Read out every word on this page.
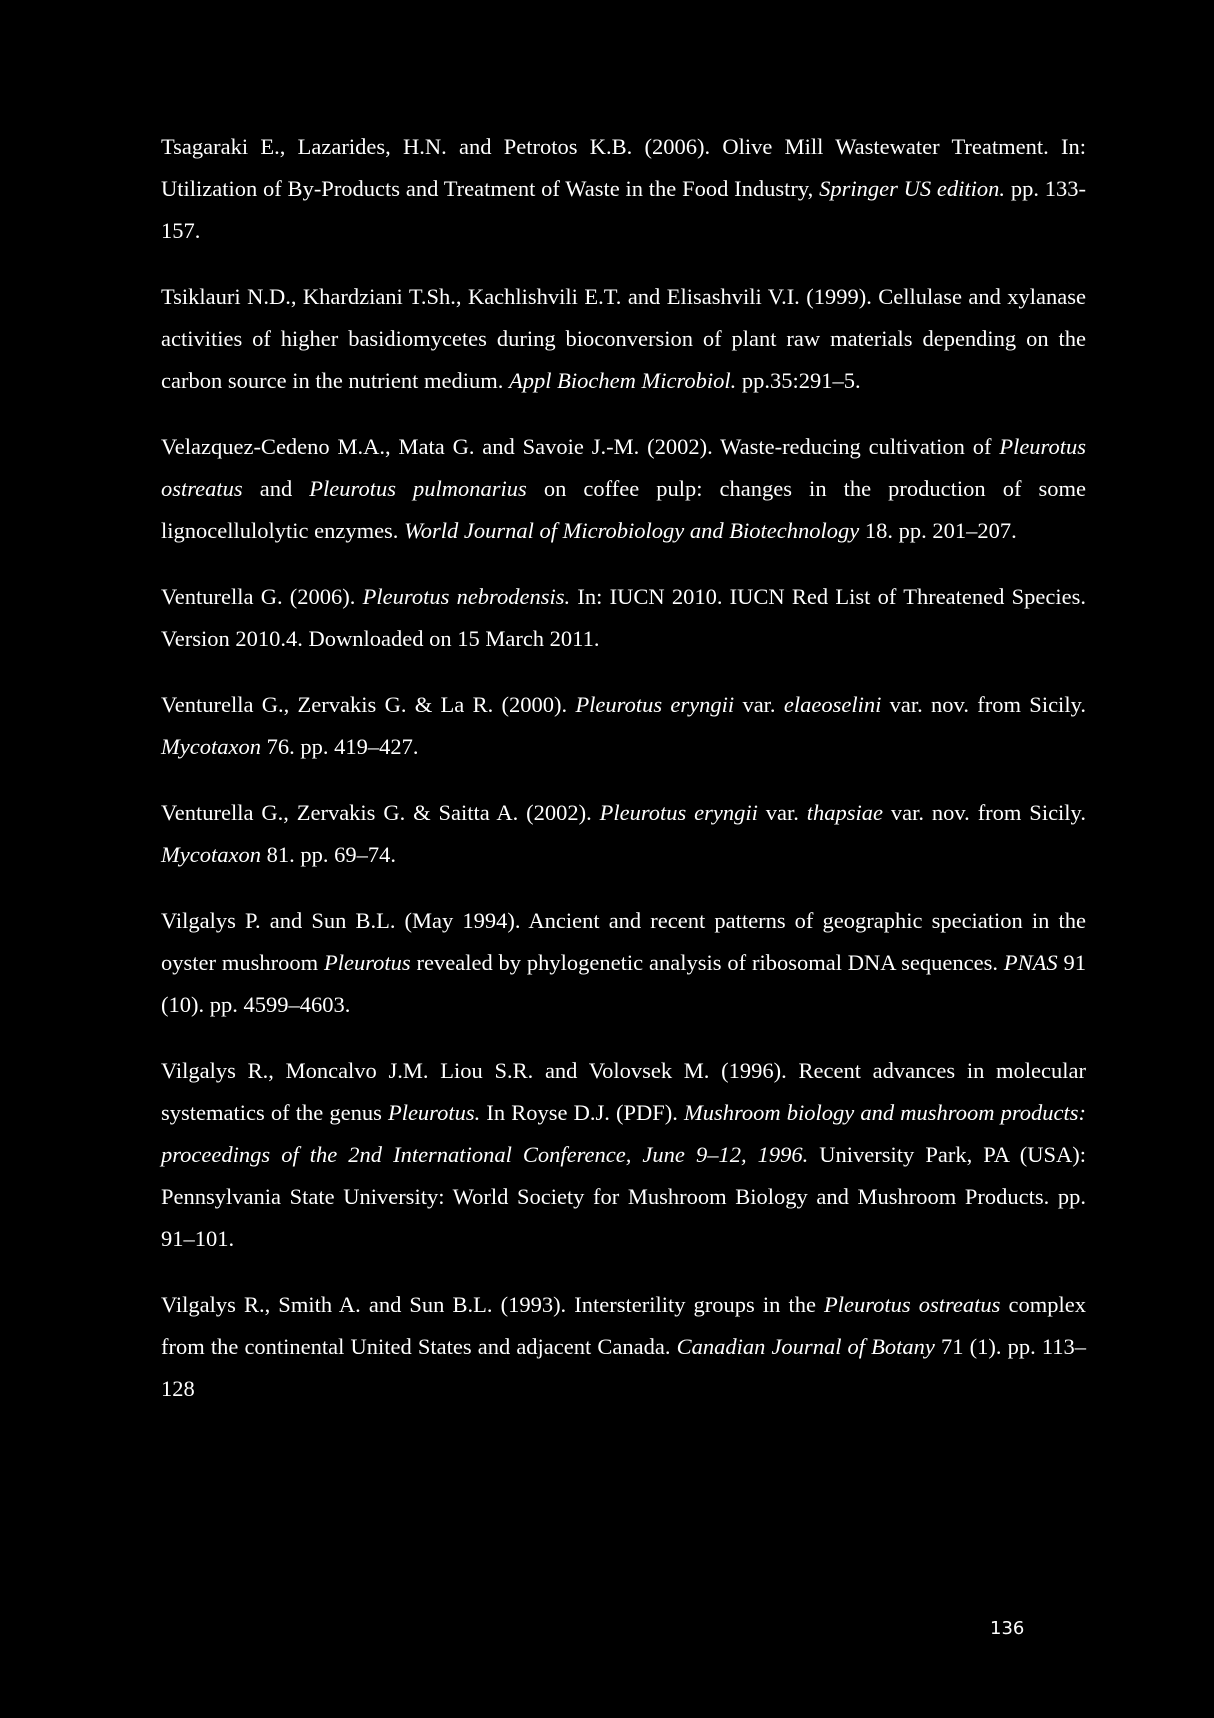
Tsagaraki E., Lazarides, H.N. and Petrotos K.B. (2006). Olive Mill Wastewater Treatment. In: Utilization of By-Products and Treatment of Waste in the Food Industry, Springer US edition. pp. 133-157.

Tsiklauri N.D., Khardziani T.Sh., Kachlishvili E.T. and Elisashvili V.I. (1999). Cellulase and xylanase activities of higher basidiomycetes during bioconversion of plant raw materials depending on the carbon source in the nutrient medium. Appl Biochem Microbiol. pp.35:291–5.

Velazquez-Cedeno M.A., Mata G. and Savoie J.-M. (2002). Waste-reducing cultivation of Pleurotus ostreatus and Pleurotus pulmonarius on coffee pulp: changes in the production of some lignocellulolytic enzymes. World Journal of Microbiology and Biotechnology 18. pp. 201–207.

Venturella G. (2006). Pleurotus nebrodensis. In: IUCN 2010. IUCN Red List of Threatened Species. Version 2010.4. Downloaded on 15 March 2011.

Venturella G., Zervakis G. & La R. (2000). Pleurotus eryngii var. elaeoselini var. nov. from Sicily. Mycotaxon 76. pp. 419–427.

Venturella G., Zervakis G. & Saitta A. (2002). Pleurotus eryngii var. thapsiae var. nov. from Sicily. Mycotaxon 81. pp. 69–74.

Vilgalys P. and Sun B.L. (May 1994). Ancient and recent patterns of geographic speciation in the oyster mushroom Pleurotus revealed by phylogenetic analysis of ribosomal DNA sequences. PNAS 91 (10). pp. 4599–4603.

Vilgalys R., Moncalvo J.M. Liou S.R. and Volovsek M. (1996). Recent advances in molecular systematics of the genus Pleurotus. In Royse D.J. (PDF). Mushroom biology and mushroom products: proceedings of the 2nd International Conference, June 9–12, 1996. University Park, PA (USA): Pennsylvania State University: World Society for Mushroom Biology and Mushroom Products. pp. 91–101.

Vilgalys R., Smith A. and Sun B.L. (1993). Intersterility groups in the Pleurotus ostreatus complex from the continental United States and adjacent Canada. Canadian Journal of Botany 71 (1). pp. 113–128

136
